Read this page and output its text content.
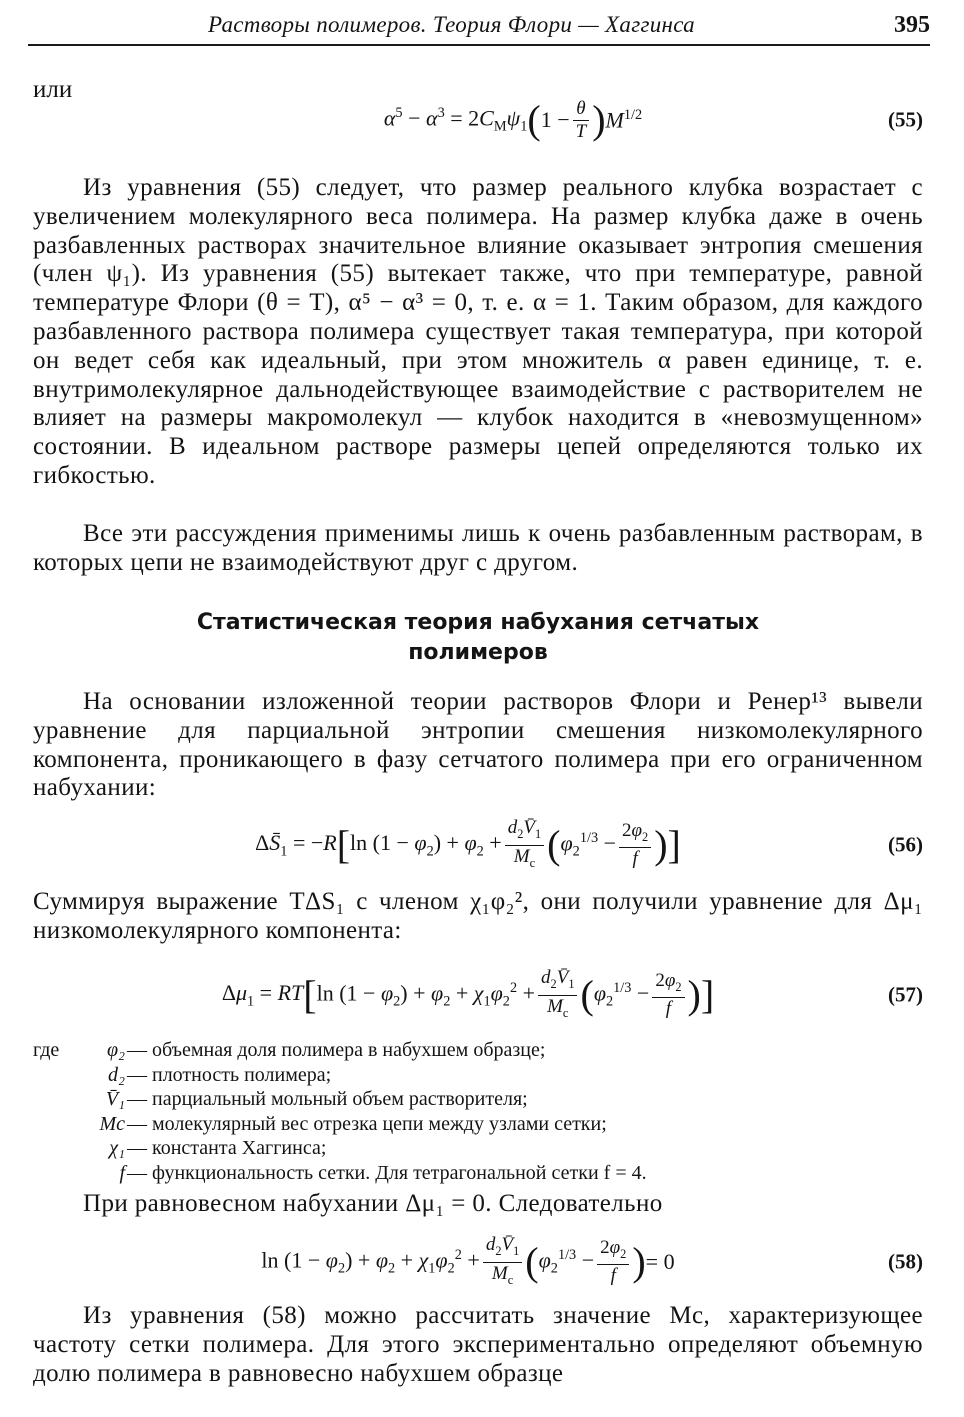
Растворы полимеров. Теория Флори — Хаггинса	395
или
$\alpha^5 - \alpha^3 = 2C_M\psi_1$ ( $1 - \frac{\theta}{T}$ ) $M^{1/2}$	(55)
Из уравнения (55) следует, что размер реального клубка возрастает с увеличением молекулярного веса полимера. На размер клубка даже в очень разбавленных растворах значительное влияние оказывает энтропия смешения (член ψ₁). Из уравнения (55) вытекает также, что при температуре, равной температуре Флори (θ = T), α⁵ − α³ = 0, т. е. α = 1. Таким образом, для каждого разбавленного раствора полимера существует такая температура, при которой он ведет себя как идеальный, при этом множитель α равен единице, т. е. внутримолекулярное дальнодействующее взаимодействие с растворителем не влияет на размеры макромолекул — клубок находится в «невозмущенном» состоянии. В идеальном растворе размеры цепей определяются только их гибкостью.
Все эти рассуждения применимы лишь к очень разбавленным растворам, в которых цепи не взаимодействуют друг с другом.
Статистическая теория набухания сетчатых
полимеров
На основании изложенной теории растворов Флори и Ренер¹³ вывели уравнение для парциальной энтропии смешения низкомолекулярного компонента, проникающего в фазу сетчатого полимера при его ограниченном набухании:
$\Delta S̄_1 = -R$ [ $\ln (1 - \varphi_2) + \varphi_2 + \frac{d_2V̄_1}{M_c}$ ( $\varphi_2^{1/3} - \frac{2\varphi_2}{f}$ )]	(56)
Суммируя выражение TΔS₁ с членом χ₁φ₂², они получили уравнение для Δμ₁ низкомолекулярного компонента:
$\Delta\mu_1$ = RT [ $\ln (1 - \varphi_2) + \varphi_2 + \chi_1\varphi_2^2 + \frac{d_2V̄_1}{M_c}$ ( $\varphi_2^{1/3} - \frac{2\varphi_2}{f}$ )]	(57)
где	φ₂ — объемная доля полимера в набухшем образце;
d₂ — плотность полимера;
V̄₁ — парциальный мольный объем растворителя;
Mc — молекулярный вес отрезка цепи между узлами сетки;
χ₁ — константа Хаггинса;
f — функциональность сетки. Для тетрагональной сетки f = 4.
При равновесном набухании Δμ₁ = 0. Следовательно
$\ln (1 - \varphi_2) + \varphi_2 + \chi_1\varphi_2^2 + \frac{d_2V̄_1}{M_c}$ ( $\varphi_2^{1/3} - \frac{2\varphi_2}{f}$ ) = 0	(58)
Из уравнения (58) можно рассчитать значение Mc, характеризующее частоту сетки полимера. Для этого экспериментально определяют объемную долю полимера в равновесно набухшем образце
